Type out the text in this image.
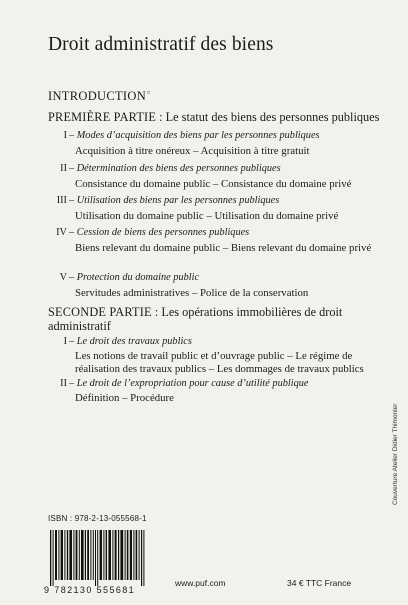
Droit administratif des biens
INTRODUCTION▫
PREMIÈRE PARTIE : Le statut des biens des personnes publiques
I – Modes d’acquisition des biens par les personnes publiques
Acquisition à titre onéreux – Acquisition à titre gratuit
II – Détermination des biens des personnes publiques
Consistance du domaine public – Consistance du domaine privé
III – Utilisation des biens par les personnes publiques
Utilisation du domaine public – Utilisation du domaine privé
IV – Cession de biens des personnes publiques
Biens relevant du domaine public – Biens relevant du domaine privé
V – Protection du domaine public
Servitudes administratives – Police de la conservation
SECONDE PARTIE : Les opérations immobilières de droit administratif
I – Le droit des travaux publics
Les notions de travail public et d’ouvrage public – Le régime de réalisation des travaux publics – Les dommages de travaux publics
II – Le droit de l’expropriation pour cause d’utilité publique
Définition – Procédure
ISBN : 978-2-13-055568-1
9 782130 555681
www.puf.com	34 € TTC France
Couverture Atelier Didier Thimonier
